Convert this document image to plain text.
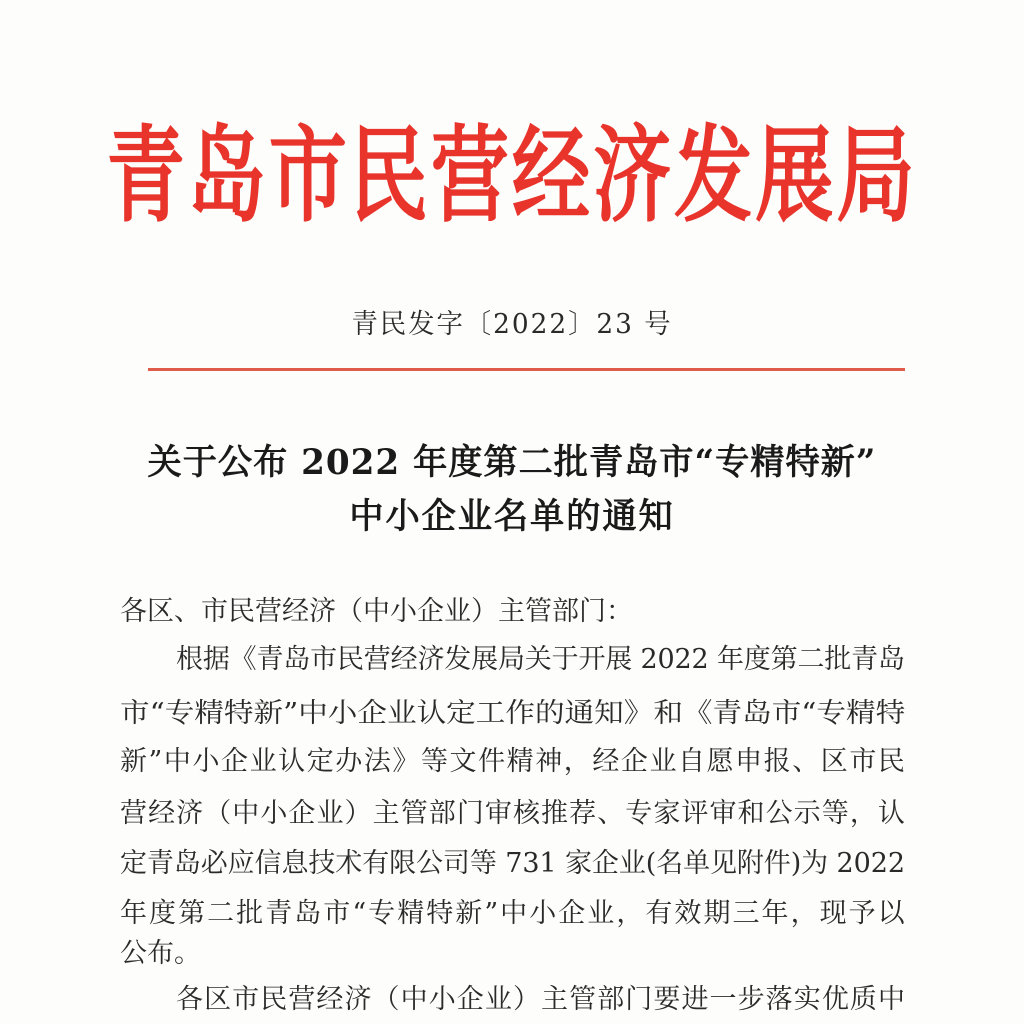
青岛市民营经济发展局
青民发字〔2022〕23 号
关于公布 2022 年度第二批青岛市“专精特新”
中小企业名单的通知
各区、市民营经济（中小企业）主管部门：
根据《青岛市民营经济发展局关于开展 2022 年度第二批青岛
市“专精特新”中小企业认定工作的通知》和《青岛市“专精特
新”中小企业认定办法》等文件精神，经企业自愿申报、区市民
营经济（中小企业）主管部门审核推荐、专家评审和公示等，认
定青岛必应信息技术有限公司等 731 家企业(名单见附件)为 2022
年度第二批青岛市“专精特新”中小企业，有效期三年，现予以
公布。
各区市民营经济（中小企业）主管部门要进一步落实优质中
